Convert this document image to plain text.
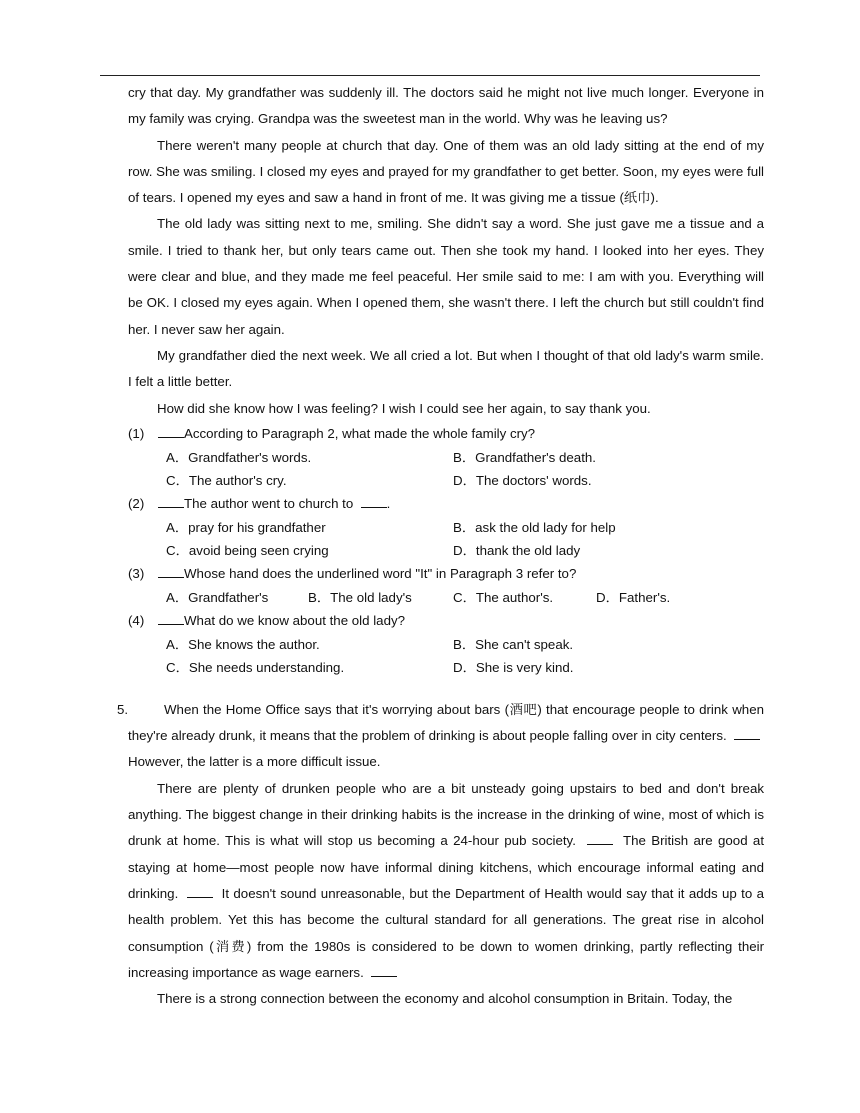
cry that day. My grandfather was suddenly ill. The doctors said he might not live much longer. Everyone in my family was crying. Grandpa was the sweetest man in the world. Why was he leaving us?

There weren't many people at church that day. One of them was an old lady sitting at the end of my row. She was smiling. I closed my eyes and prayed for my grandfather to get better. Soon, my eyes were full of tears. I opened my eyes and saw a hand in front of me. It was giving me a tissue (纸巾).

The old lady was sitting next to me, smiling. She didn't say a word. She just gave me a tissue and a smile. I tried to thank her, but only tears came out. Then she took my hand. I looked into her eyes. They were clear and blue, and they made me feel peaceful. Her smile said to me: I am with you. Everything will be OK. I closed my eyes again. When I opened them, she wasn't there. I left the church but still couldn't find her. I never saw her again.

My grandfather died the next week. We all cried a lot. But when I thought of that old lady's warm smile. I felt a little better.

How did she know how I was feeling? I wish I could see her again, to say thank you.

(1)	According to Paragraph 2, what made the whole family cry?
A．Grandfather's words.	B．Grandfather's death.
C．The author's cry.	D．The doctors' words.
(2)	The author went to church to	.
A．pray for his grandfather	B．ask the old lady for help
C．avoid being seen crying	D．thank the old lady
(3)	Whose hand does the underlined word "It" in Paragraph 3 refer to?
A．Grandfather's	B．The old lady's	C．The author's.	D．Father's.
(4)	What do we know about the old lady?
A．She knows the author.	B．She can't speak.
C．She needs understanding.	D．She is very kind.
5.	When the Home Office says that it's worrying about bars (酒吧) that encourage people to drink when they're already drunk, it means that the problem of drinking is about people falling over in city centers.    However, the latter is a more difficult issue.

There are plenty of drunken people who are a bit unsteady going upstairs to bed and don't break anything. The biggest change in their drinking habits is the increase in the drinking of wine, most of which is drunk at home. This is what will stop us becoming a 24-hour pub society.	The British are good at staying at home—most people now have informal dining kitchens, which encourage informal eating and drinking.	It doesn't sound unreasonable, but the Department of Health would say that it adds up to a health problem. Yet this has become the cultural standard for all generations. The great rise in alcohol consumption (消费) from the 1980s is considered to be down to women drinking, partly reflecting their increasing importance as wage earners.

There is a strong connection between the economy and alcohol consumption in Britain. Today, the
